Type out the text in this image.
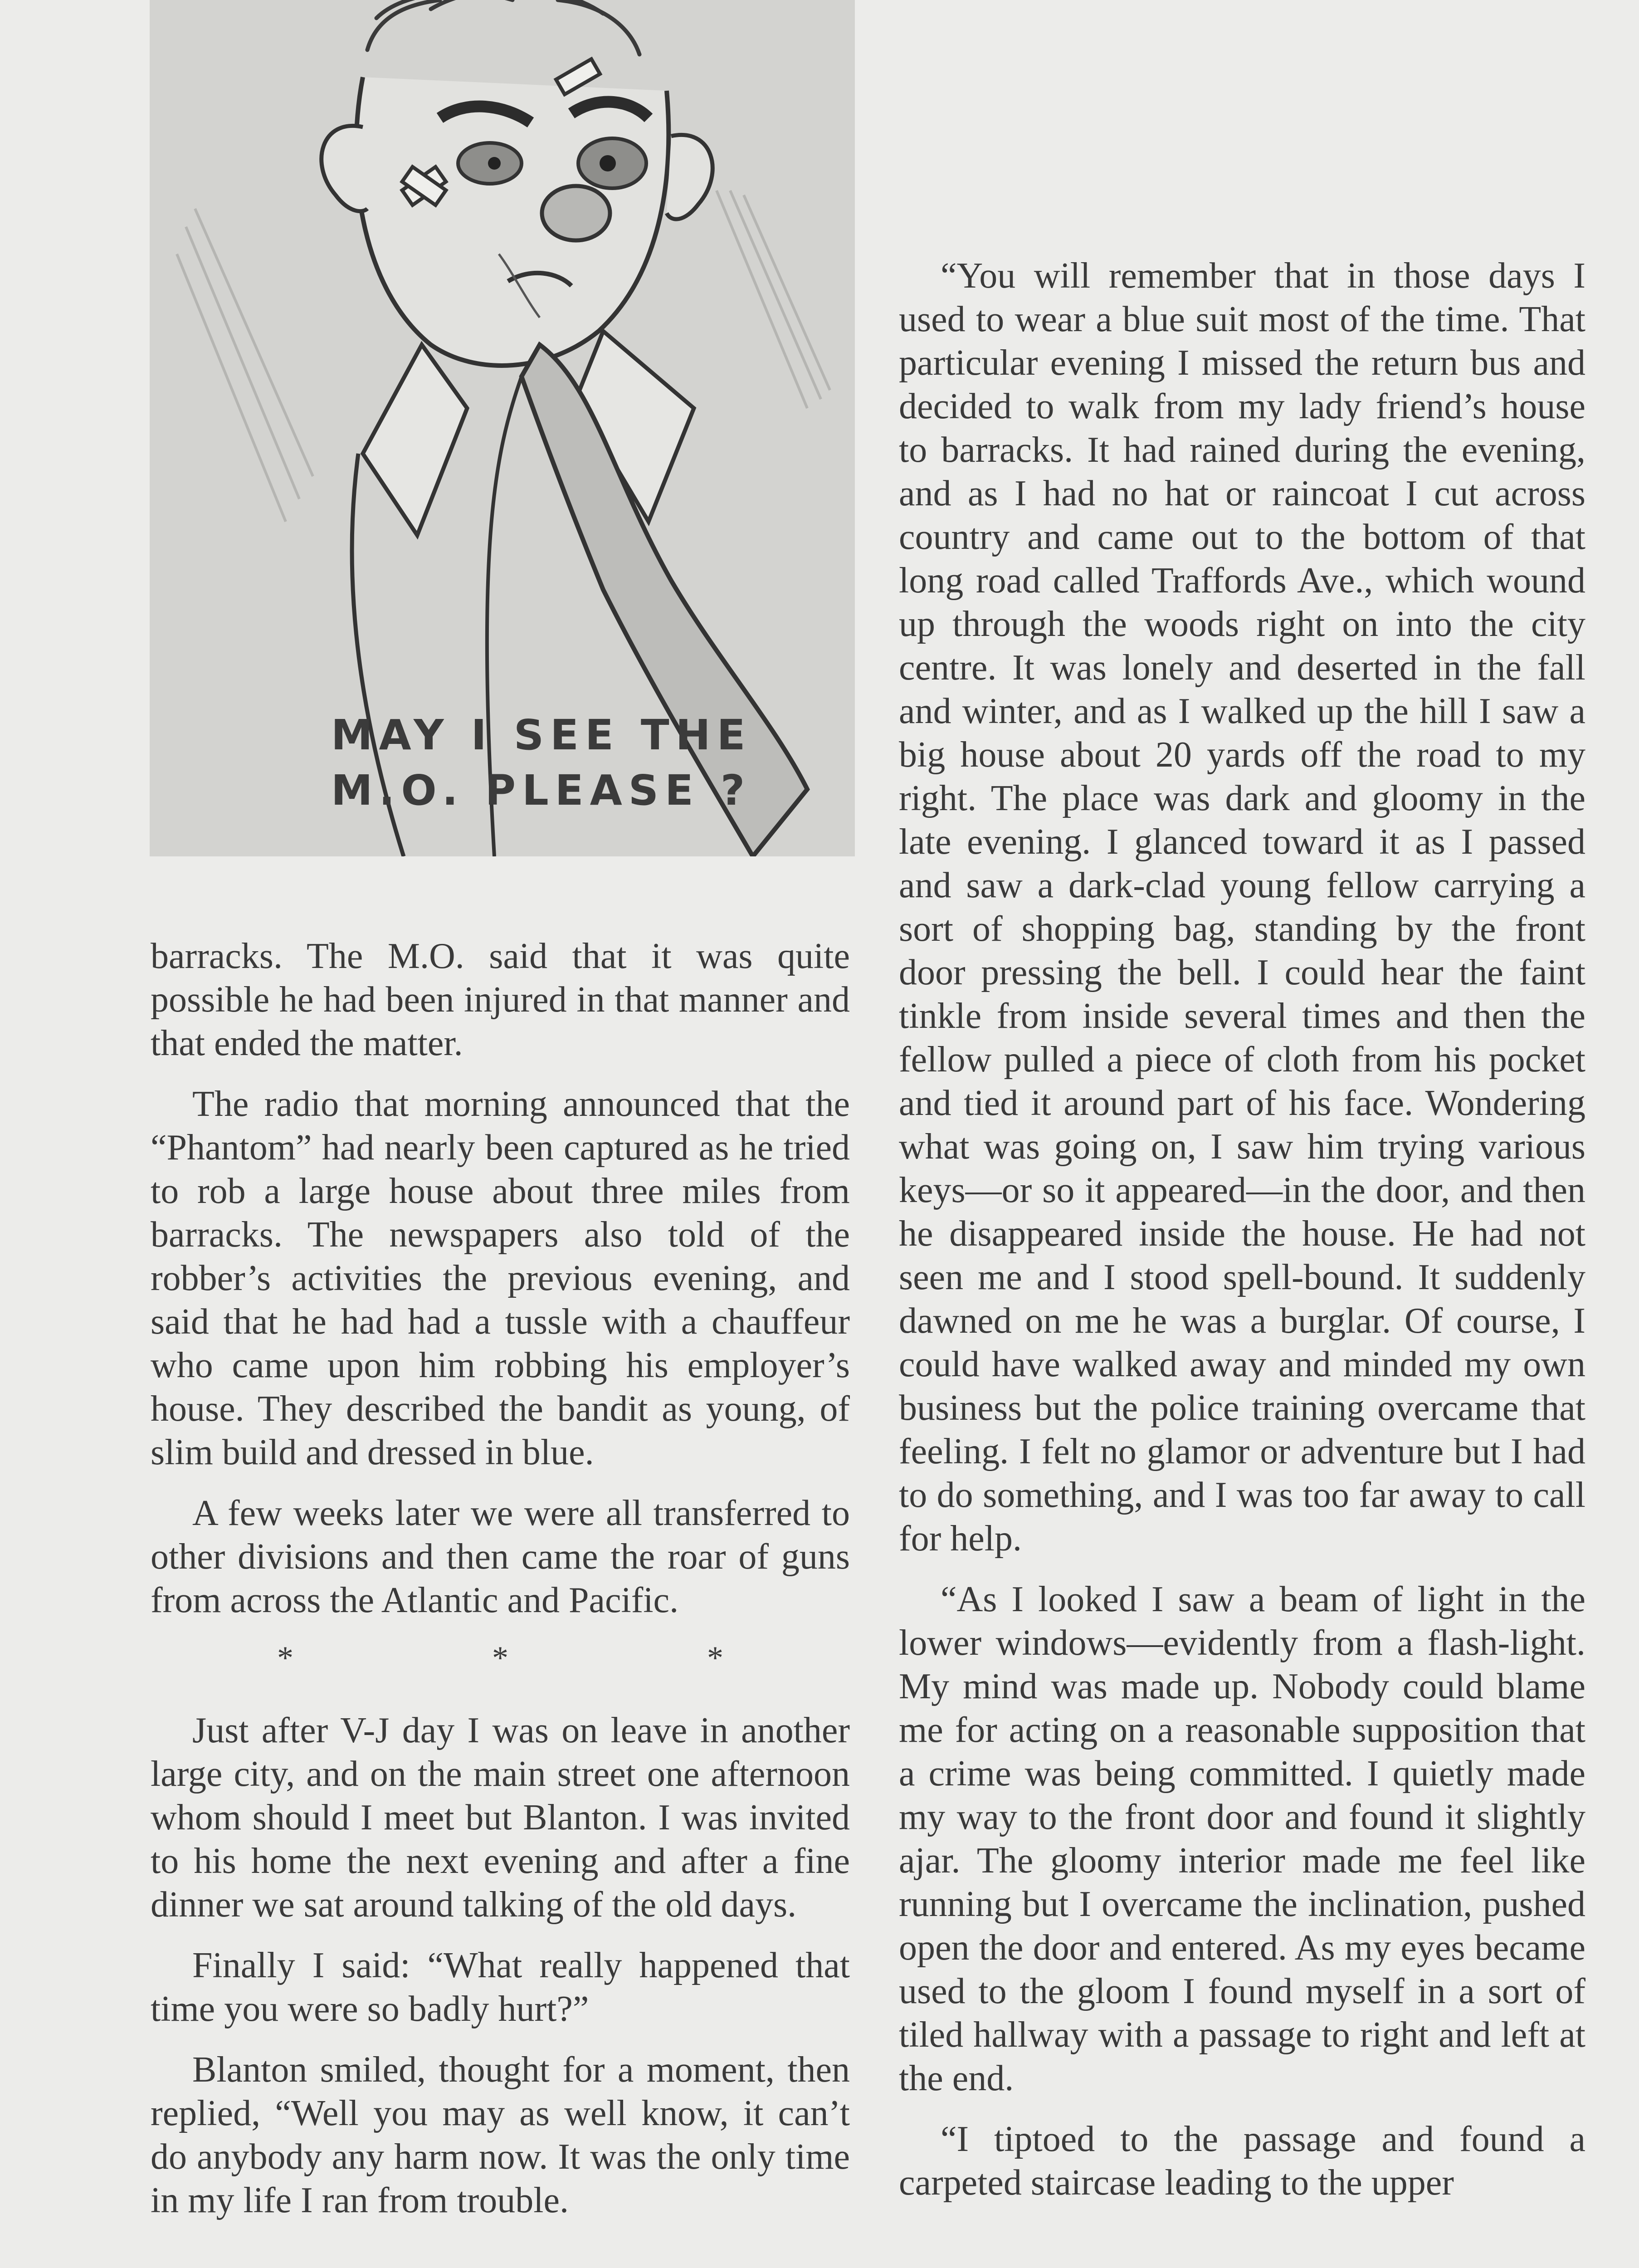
MAY I SEE THE
M.O. PLEASE ?

barracks. The M.O. said that it was quite possible he had been injured in that manner and that ended the matter.

The radio that morning announced that the “Phantom” had nearly been captured as he tried to rob a large house about three miles from barracks. The newspapers also told of the robber’s activities the previous evening, and said that he had had a tussle with a chauffeur who came upon him robbing his employer’s house. They described the bandit as young, of slim build and dressed in blue.

A few weeks later we were all transferred to other divisions and then came the roar of guns from across the Atlantic and Pacific.

* * *

Just after V-J day I was on leave in another large city, and on the main street one afternoon whom should I meet but Blanton. I was invited to his home the next evening and after a fine dinner we sat around talking of the old days.

Finally I said: “What really happened that time you were so badly hurt?”

Blanton smiled, thought for a moment, then replied, “Well you may as well know, it can’t do anybody any harm now. It was the only time in my life I ran from trouble.

“You will remember that in those days I used to wear a blue suit most of the time. That particular evening I missed the return bus and decided to walk from my lady friend’s house to barracks. It had rained during the evening, and as I had no hat or raincoat I cut across country and came out to the bottom of that long road called Traffords Ave., which wound up through the woods right on into the city centre. It was lonely and deserted in the fall and winter, and as I walked up the hill I saw a big house about 20 yards off the road to my right. The place was dark and gloomy in the late evening. I glanced toward it as I passed and saw a dark-clad young fellow carrying a sort of shopping bag, standing by the front door pressing the bell. I could hear the faint tinkle from inside several times and then the fellow pulled a piece of cloth from his pocket and tied it around part of his face. Wondering what was going on, I saw him trying various keys—or so it appeared—in the door, and then he disappeared inside the house. He had not seen me and I stood spell-bound. It suddenly dawned on me he was a burglar. Of course, I could have walked away and minded my own business but the police training overcame that feeling. I felt no glamor or adventure but I had to do something, and I was too far away to call for help.

“As I looked I saw a beam of light in the lower windows—evidently from a flash-light. My mind was made up. Nobody could blame me for acting on a reasonable supposition that a crime was being committed. I quietly made my way to the front door and found it slightly ajar. The gloomy interior made me feel like running but I overcame the inclination, pushed open the door and entered. As my eyes became used to the gloom I found myself in a sort of tiled hallway with a passage to right and left at the end.

“I tiptoed to the passage and found a carpeted staircase leading to the upper
